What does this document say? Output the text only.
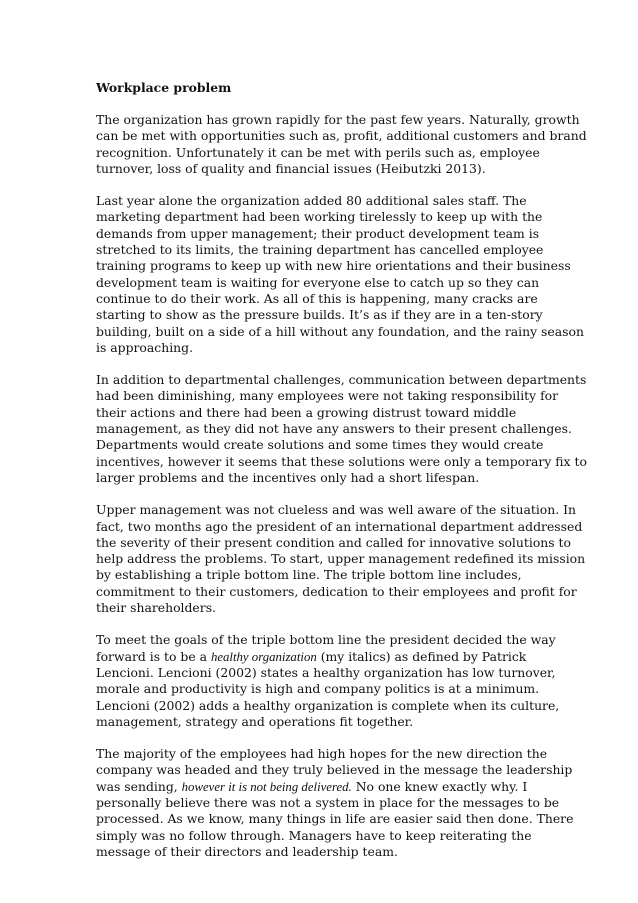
Workplace problem
The organization has grown rapidly for the past few years. Naturally, growth
can be met with opportunities such as, profit, additional customers and brand
recognition. Unfortunately it can be met with perils such as, employee
turnover, loss of quality and financial issues (Heibutzki 2013).
Last year alone the organization added 80 additional sales staff. The
marketing department had been working tirelessly to keep up with the
demands from upper management; their product development team is
stretched to its limits, the training department has cancelled employee
training programs to keep up with new hire orientations and their business
development team is waiting for everyone else to catch up so they can
continue to do their work. As all of this is happening, many cracks are
starting to show as the pressure builds. It’s as if they are in a ten-story
building, built on a side of a hill without any foundation, and the rainy season
is approaching.
In addition to departmental challenges, communication between departments
had been diminishing, many employees were not taking responsibility for
their actions and there had been a growing distrust toward middle
management, as they did not have any answers to their present challenges.
Departments would create solutions and some times they would create
incentives, however it seems that these solutions were only a temporary fix to
larger problems and the incentives only had a short lifespan.
Upper management was not clueless and was well aware of the situation. In
fact, two months ago the president of an international department addressed
the severity of their present condition and called for innovative solutions to
help address the problems. To start, upper management redefined its mission
by establishing a triple bottom line. The triple bottom line includes,
commitment to their customers, dedication to their employees and profit for
their shareholders.
To meet the goals of the triple bottom line the president decided the way
forward is to be a healthy organization (my italics) as defined by Patrick
Lencioni. Lencioni (2002) states a healthy organization has low turnover,
morale and productivity is high and company politics is at a minimum.
Lencioni (2002) adds a healthy organization is complete when its culture,
management, strategy and operations fit together.
The majority of the employees had high hopes for the new direction the
company was headed and they truly believed in the message the leadership
was sending, however it is not being delivered. No one knew exactly why. I
personally believe there was not a system in place for the messages to be
processed. As we know, many things in life are easier said then done. There
simply was no follow through. Managers have to keep reiterating the
message of their directors and leadership team.
